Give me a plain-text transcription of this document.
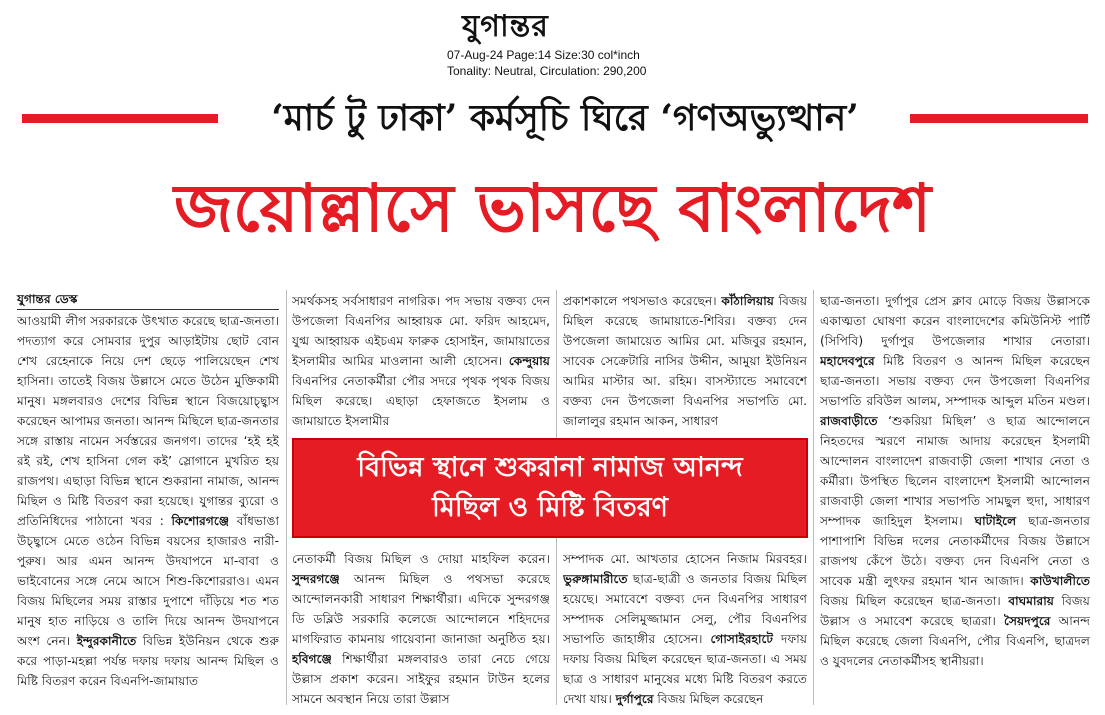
যুগান্তর
07-Aug-24 Page:14 Size:30 col*inch
Tonality: Neutral, Circulation: 290,200
‘মার্চ টু ঢাকা’ কর্মসূচি ঘিরে ‘গণঅভ্যুত্থান’
জয়োল্লাসে ভাসছে বাংলাদেশ
যুগান্তর ডেস্ক
আওয়ামী লীগ সরকারকে উৎখাত করেছে ছাত্র-জনতা। পদত্যাগ করে সোমবার দুপুর আড়াইটায় ছোট বোন শেখ রেহেনাকে নিয়ে দেশ ছেড়ে পালিয়েছেন শেখ হাসিনা। তাতেই বিজয় উল্লাসে মেতে উঠেন মুক্তিকামী মানুষ। মঙ্গলবারও দেশের বিভিন্ন স্থানে বিজয়োচ্ছ্বাস করেছেন আপামর জনতা। আনন্দ মিছিলে ছাত্র-জনতার সঙ্গে রাস্তায় নামেন সর্বস্তরের জনগণ। তাদের ‘হই হই রই রই, শেখ হাসিনা গেল কই’ স্লোগানে মুখরিত হয় রাজপথ। এছাড়া বিভিন্ন স্থানে শুকরানা নামাজ, আনন্দ মিছিল ও মিষ্টি বিতরণ করা হয়েছে। যুগান্তর ব্যুরো ও প্রতিনিধিদের পাঠানো খবর : কিশোরগঞ্জে বাঁধভাঙা উচ্ছ্বাসে মেতে ওঠেন বিভিন্ন বয়সের হাজারও নারী-পুরুষ। আর এমন আনন্দ উদযাপনে মা-বাবা ও ভাইবোনের সঙ্গে নেমে আসে শিশু-কিশোররাও। এমন বিজয় মিছিলের সময় রাস্তার দুপাশে দাঁড়িয়ে শত শত মানুষ হাত নাড়িয়ে ও তালি দিয়ে আনন্দ উদযাপনে অংশ নেন। ইন্দুরকানীতে বিভিন্ন ইউনিয়ন থেকে শুরু করে পাড়া-মহল্লা পর্যন্ত দফায় দফায় আনন্দ মিছিল ও মিষ্টি বিতরণ করেন বিএনপি-জামায়াত
সমর্থকসহ সর্বসাধারণ নাগরিক। পদ সভায় বক্তব্য দেন উপজেলা বিএনপির আহ্বায়ক মো. ফরিদ আহমেদ, যুগ্ম আহ্বায়ক এইচএম ফারুক হোসাইন, জামায়াতের ইসলামীর আমির মাওলানা আলী হোসেন। কেন্দুয়ায় বিএনপির নেতাকর্মীরা পৌর সদরে পৃথক পৃথক বিজয় মিছিল করেছে। এছাড়া হেফাজতে ইসলাম ও জামায়াতে ইসলামীর
প্রকাশকালে পথসভাও করেছেন। কাঁঠালিয়ায় বিজয় মিছিল করেছে জামায়াতে-শিবির। বক্তব্য দেন উপজেলা জামায়েত আমির মো. মজিবুর রহমান, সাবেক সেক্রেটারি নাসির উদ্দীন, আমুয়া ইউনিয়ন আমির মাস্টার আ. রহিম। বাসস্ট্যান্ডে সমাবেশে বক্তব্য দেন উপজেলা বিএনপির সভাপতি মো. জালালুর রহমান আকন, সাধারণ
বিভিন্ন স্থানে শুকরানা নামাজ আনন্দ
মিছিল ও মিষ্টি বিতরণ
নেতাকর্মী বিজয় মিছিল ও দোয়া মাহফিল করেন। সুন্দরগঞ্জে আনন্দ মিছিল ও পথসভা করেছে আন্দোলনকারী সাধারণ শিক্ষার্থীরা। এদিকে সুন্দরগঞ্জ ডি ডব্লিউ সরকারি কলেজে আন্দোলনে শহিদদের মাগফিরাত কামনায় গায়েবানা জানাজা অনুষ্ঠিত হয়। হবিগঞ্জে শিক্ষার্থীরা মঙ্গলবারও তারা নেচে গেয়ে উল্লাস প্রকাশ করেন। সাইফুর রহমান টাউন হলের সামনে অবস্থান নিয়ে তারা উল্লাস
সম্পাদক মো. আখতার হোসেন নিজাম মিরবহর। ভুরুঙ্গামারীতে ছাত্র-ছাত্রী ও জনতার বিজয় মিছিল হয়েছে। সমাবেশে বক্তব্য দেন বিএনপির সাধারণ সম্পাদক সেলিমুজ্জামান সেলু, পৌর বিএনপির সভাপতি জাহাঙ্গীর হোসেন। গোসাইরহাটে দফায় দফায় বিজয় মিছিল করেছেন ছাত্র-জনতা। এ সময় ছাত্র ও সাধারণ মানুষের মধ্যে মিষ্টি বিতরণ করতে দেখা যায়। দুর্গাপুরে বিজয় মিছিল করেছেন
ছাত্র-জনতা। দুর্গাপুর প্রেস ক্লাব মোড়ে বিজয় উল্লাসকে একাত্মতা ঘোষণা করেন বাংলাদেশের কমিউনিস্ট পার্টি (সিপিবি) দুর্গাপুর উপজেলার শাখার নেতারা। মহাদেবপুরে মিষ্টি বিতরণ ও আনন্দ মিছিল করেছেন ছাত্র-জনতা। সভায় বক্তব্য দেন উপজেলা বিএনপির সভাপতি রবিউল আলম, সম্পাদক আব্দুল মতিন মণ্ডল। রাজবাড়ীতে ‘শুকরিয়া মিছিল’ ও ছাত্র আন্দোলনে নিহতদের স্মরণে নামাজ আদায় করেছেন ইসলামী আন্দোলন বাংলাদেশ রাজবাড়ী জেলা শাখার নেতা ও কর্মীরা। উপস্থিত ছিলেন বাংলাদেশ ইসলামী আন্দোলন রাজবাড়ী জেলা শাখার সভাপতি সামছুল হুদা, সাধারণ সম্পাদক জাহিদুল ইসলাম। ঘাটাইলে ছাত্র-জনতার পাশাপাশি বিভিন্ন দলের নেতাকর্মীদের বিজয় উল্লাসে রাজপথ কেঁপে উঠে। বক্তব্য দেন বিএনপি নেতা ও সাবেক মন্ত্রী লুৎফর রহমান খান আজাদ। কাউখালীতে বিজয় মিছিল করেছেন ছাত্র-জনতা। বাঘমারায় বিজয় উল্লাস ও সমাবেশ করেছে ছাত্ররা। সৈয়দপুরে আনন্দ মিছিল করেছে জেলা বিএনপি, পৌর বিএনপি, ছাত্রদল ও যুবদলের নেতাকর্মীসহ স্থানীয়রা।
